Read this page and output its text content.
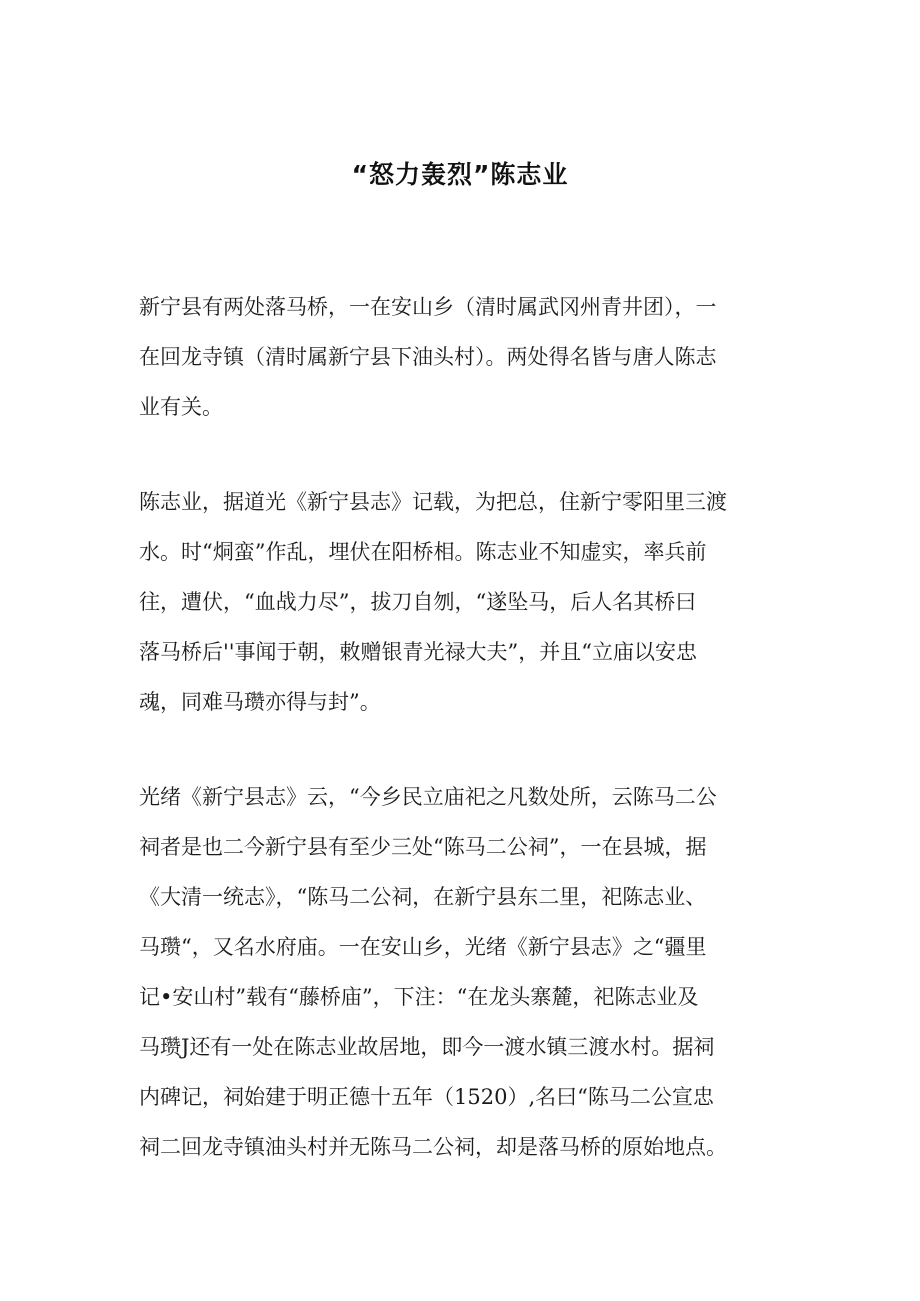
“怒力轰烈”陈志业
新宁县有两处落马桥，一在安山乡（清时属武冈州青井团），一
在回龙寺镇（清时属新宁县下油头村）。两处得名皆与唐人陈志
业有关。
陈志业，据道光《新宁县志》记载，为把总，住新宁零阳里三渡
水。时“烔蛮”作乱，埋伏在阳桥相。陈志业不知虚实，率兵前
往，遭伏，“血战力尽”，拔刀自刎，“遂坠马，后人名其桥曰
落马桥后''事闻于朝，敕赠银青光禄大夫”，并且“立庙以安忠
魂，同难马瓒亦得与封”。
光绪《新宁县志》云，“今乡民立庙祀之凡数处所，云陈马二公
祠者是也二今新宁县有至少三处“陈马二公祠”，一在县城，据
《大清一统志》，“陈马二公祠，在新宁县东二里，祀陈志业、
马瓒“，又名水府庙。一在安山乡，光绪《新宁县志》之“疆里
记•安山村”载有“藤桥庙”，下注：“在龙头寨麓，祀陈志业及
马瓒J还有一处在陈志业故居地，即今一渡水镇三渡水村。据祠
内碑记，祠始建于明正德十五年（1520）,名曰“陈马二公宣忠
祠二回龙寺镇油头村并无陈马二公祠，却是落马桥的原始地点。
